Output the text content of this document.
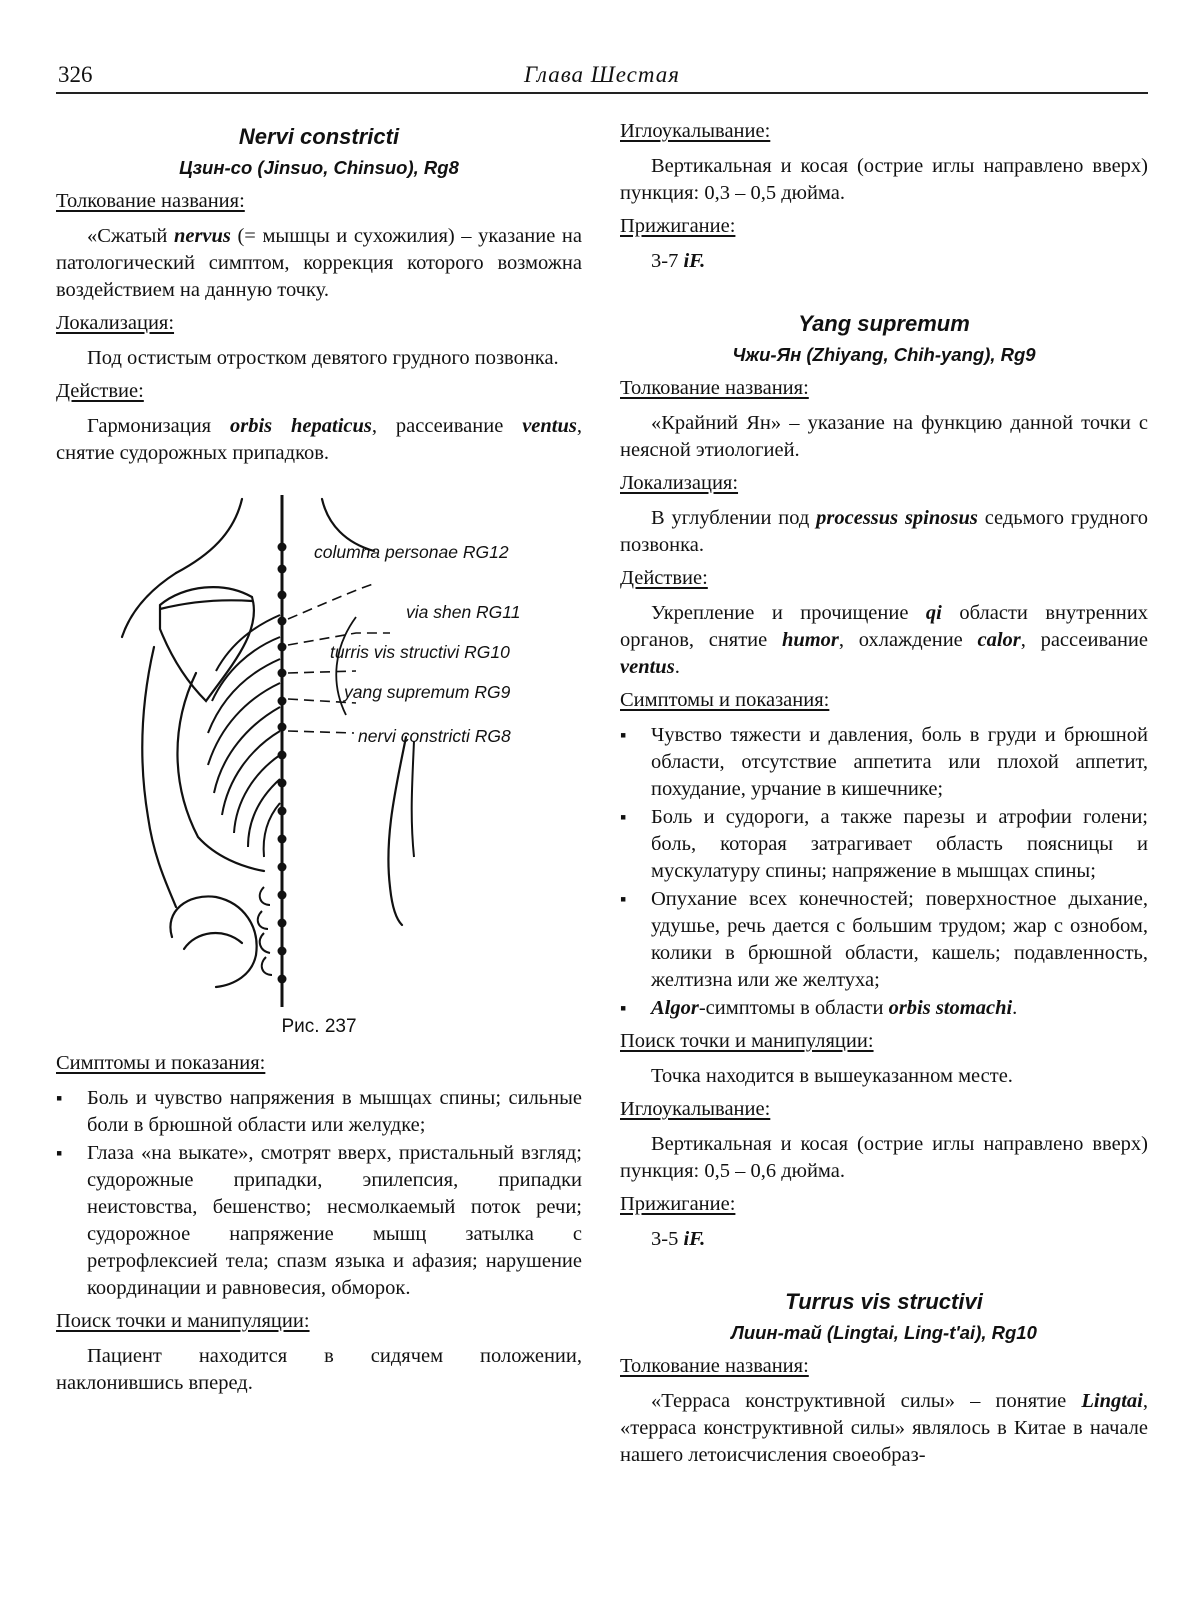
326	Глава Шестая

Nervi constricti

Цзин-со (Jinsuo, Chinsuo), Rg8

Толкование названия:

«Сжатый nervus (= мышцы и сухожилия) – указание на патологический симптом, коррекция которого возможна воздействием на данную точку.

Локализация:

Под остистым отростком девятого грудного позвонка.

Действие:

Гармонизация orbis hepaticus, рассеивание ventus, снятие судорожных припадков.

columna personae RG12
via shen RG11
turris vis structivi RG10
yang supremum RG9
nervi constricti RG8
Рис. 237
Симптомы и показания:
▪ Боль и чувство напряжения в мышцах спины; сильные боли в брюшной области или желудке;
▪ Глаза «на выкате», смотрят вверх, пристальный взгляд; судорожные припадки, эпилепсия, припадки неистовства, бешенство; несмолкаемый поток речи; судорожное напряжение мышц затылка с ретрофлексией тела; спазм языка и афазия; нарушение координации и равновесия, обморок.
Поиск точки и манипуляции:

Пациент находится в сидячем положении, наклонившись вперед.

Иглоукалывание:

Вертикальная и косая (острие иглы направлено вверх) пункция: 0,3 – 0,5 дюйма.

Прижигание:

3-7 iF.

Yang supremum

Чжи-Ян (Zhiyang, Chih-yang), Rg9

Толкование названия:

«Крайний Ян» – указание на функцию данной точки с неясной этиологией.

Локализация:

В углублении под processus spinosus седьмого грудного позвонка.

Действие:

Укрепление и прочищение qi области внутренних органов, снятие humor, охлаждение calor, рассеивание ventus.

Симптомы и показания:
▪ Чувство тяжести и давления, боль в груди и брюшной области, отсутствие аппетита или плохой аппетит, похудание, урчание в кишечнике;
▪ Боль и судороги, а также парезы и атрофии голени; боль, которая затрагивает область поясницы и мускулатуру спины; напряжение в мышцах спины;
▪ Опухание всех конечностей; поверхностное дыхание, удушье, речь дается с большим трудом; жар с ознобом, колики в брюшной области, кашель; подавленность, желтизна или же желтуха;
▪ Algor-симптомы в области orbis stomachi.
Поиск точки и манипуляции:

Точка находится в вышеуказанном месте.

Иглоукалывание:

Вертикальная и косая (острие иглы направлено вверх) пункция: 0,5 – 0,6 дюйма.

Прижигание:

3-5 iF.

Turrus vis structivi

Лиин-тай (Lingtai, Ling-t'ai), Rg10

Толкование названия:

«Терраса конструктивной силы» – понятие Lingtai, «терраса конструктивной силы» являлось в Китае в начале нашего летоисчисления своеобраз-
